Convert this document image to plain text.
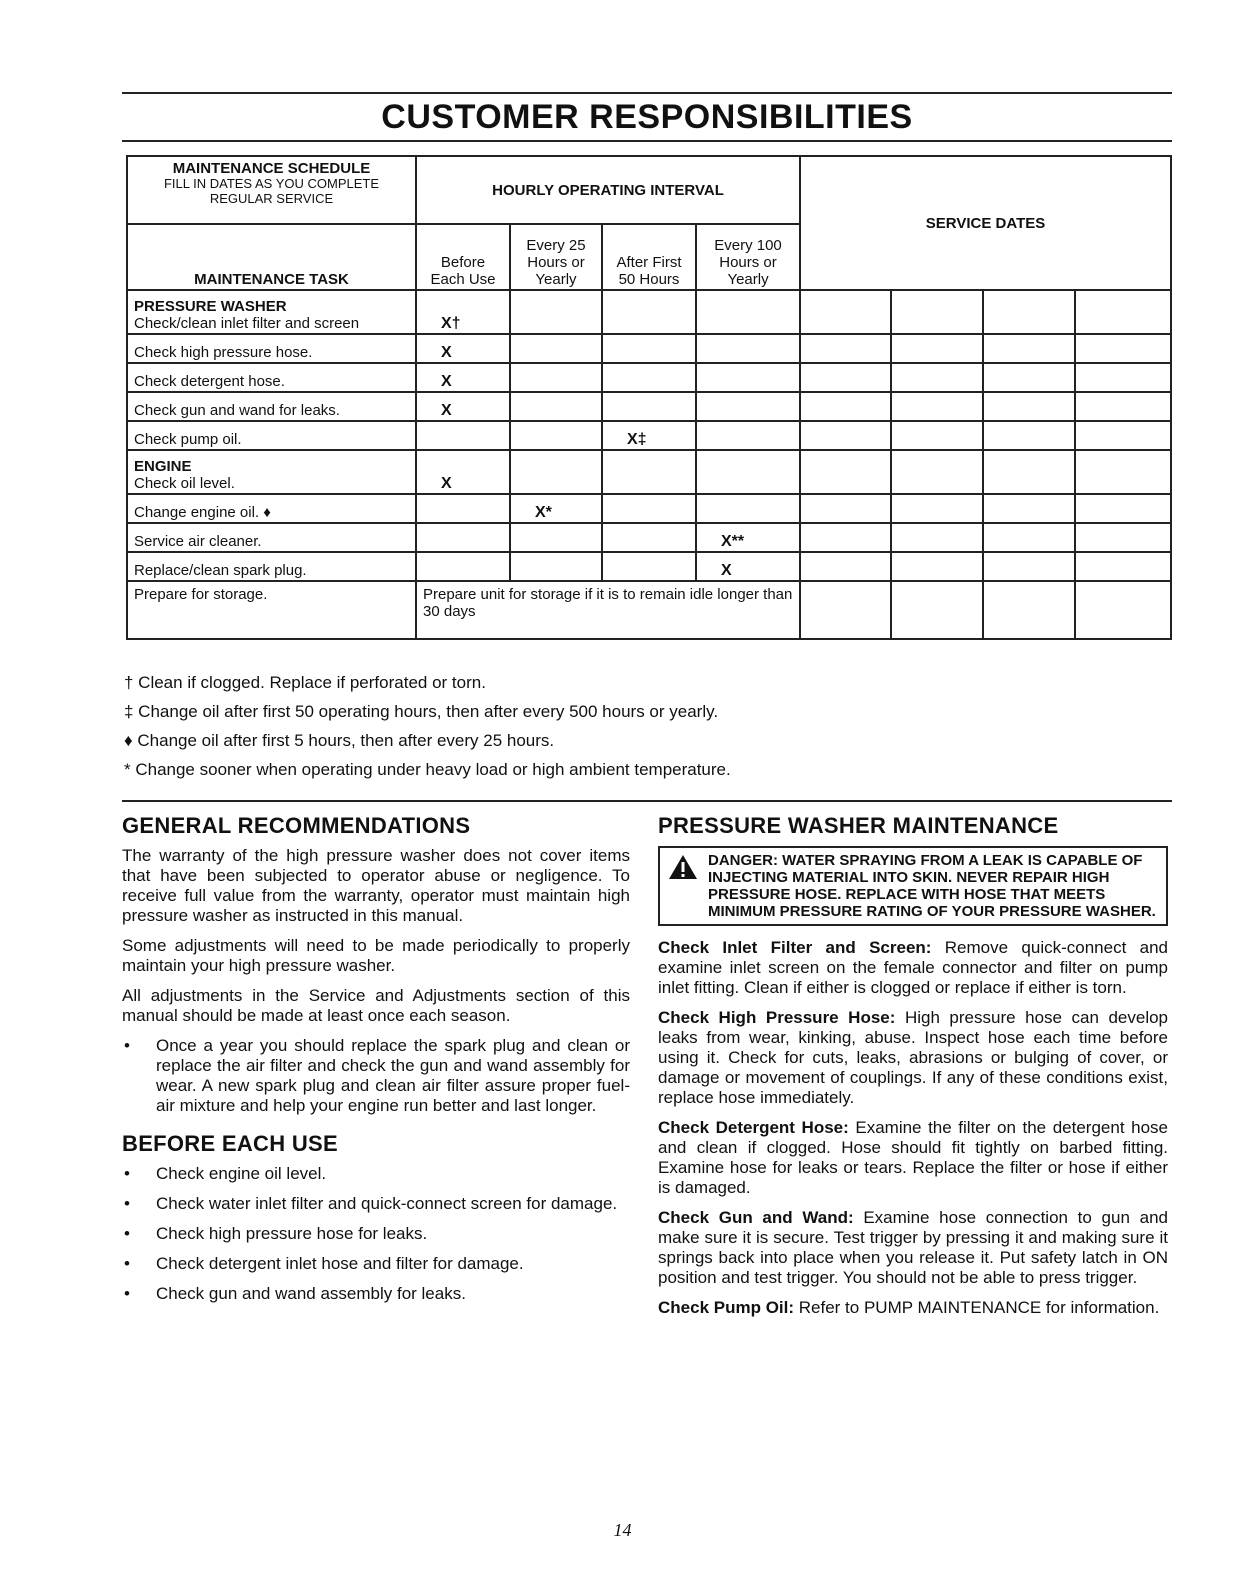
CUSTOMER RESPONSIBILITIES
MAINTENANCE SCHEDULE
FILL IN DATES AS YOU COMPLETE REGULAR SERVICE	HOURLY OPERATING INTERVAL				SERVICE DATES			
MAINTENANCE TASK	Before Each Use	Every 25 Hours or Yearly	After First 50 Hours	Every 100 Hours or Yearly				

PRESSURE WASHER
Check/clean inlet filter and screen	X†							
Check high pressure hose.	X							
Check detergent hose.	X							
Check gun and wand for leaks.	X							
Check pump oil.			X‡					

ENGINE
Check oil level.	X							
Change engine oil. ♦		X*						
Service air cleaner.				X**				
Replace/clean spark plug.				X				
Prepare for storage.	Prepare unit for storage if it is to remain idle longer than 30 days							
† Clean if clogged. Replace if perforated or torn.
‡ Change oil after first 50 operating hours, then after every 500 hours or yearly.
♦ Change oil after first 5 hours, then after every 25 hours.
* Change sooner when operating under heavy load or high ambient temperature.
GENERAL RECOMMENDATIONS

The warranty of the high pressure washer does not cover items that have been subjected to operator abuse or negligence. To receive full value from the warranty, operator must maintain high pressure washer as instructed in this manual.

Some adjustments will need to be made periodically to properly maintain your high pressure washer.

All adjustments in the Service and Adjustments section of this manual should be made at least once each season.

• Once a year you should replace the spark plug and clean or replace the air filter and check the gun and wand assembly for wear. A new spark plug and clean air filter assure proper fuel-air mixture and help your engine run better and last longer.
BEFORE EACH USE
• Check engine oil level.
• Check water inlet filter and quick-connect screen for damage.
• Check high pressure hose for leaks.
• Check detergent inlet hose and filter for damage.
• Check gun and wand assembly for leaks.
PRESSURE WASHER MAINTENANCE
DANGER: WATER SPRAYING FROM A LEAK IS CAPABLE OF INJECTING MATERIAL INTO SKIN. NEVER REPAIR HIGH PRESSURE HOSE. REPLACE WITH HOSE THAT MEETS MINIMUM PRESSURE RATING OF YOUR PRESSURE WASHER.

Check Inlet Filter and Screen: Remove quick-connect and examine inlet screen on the female connector and filter on pump inlet fitting. Clean if either is clogged or replace if either is torn.

Check High Pressure Hose: High pressure hose can develop leaks from wear, kinking, abuse. Inspect hose each time before using it. Check for cuts, leaks, abrasions or bulging of cover, or damage or movement of couplings. If any of these conditions exist, replace hose immediately.

Check Detergent Hose: Examine the filter on the detergent hose and clean if clogged. Hose should fit tightly on barbed fitting. Examine hose for leaks or tears. Replace the filter or hose if either is damaged.

Check Gun and Wand: Examine hose connection to gun and make sure it is secure. Test trigger by pressing it and making sure it springs back into place when you release it. Put safety latch in ON position and test trigger. You should not be able to press trigger.

Check Pump Oil: Refer to PUMP MAINTENANCE for information.

14
